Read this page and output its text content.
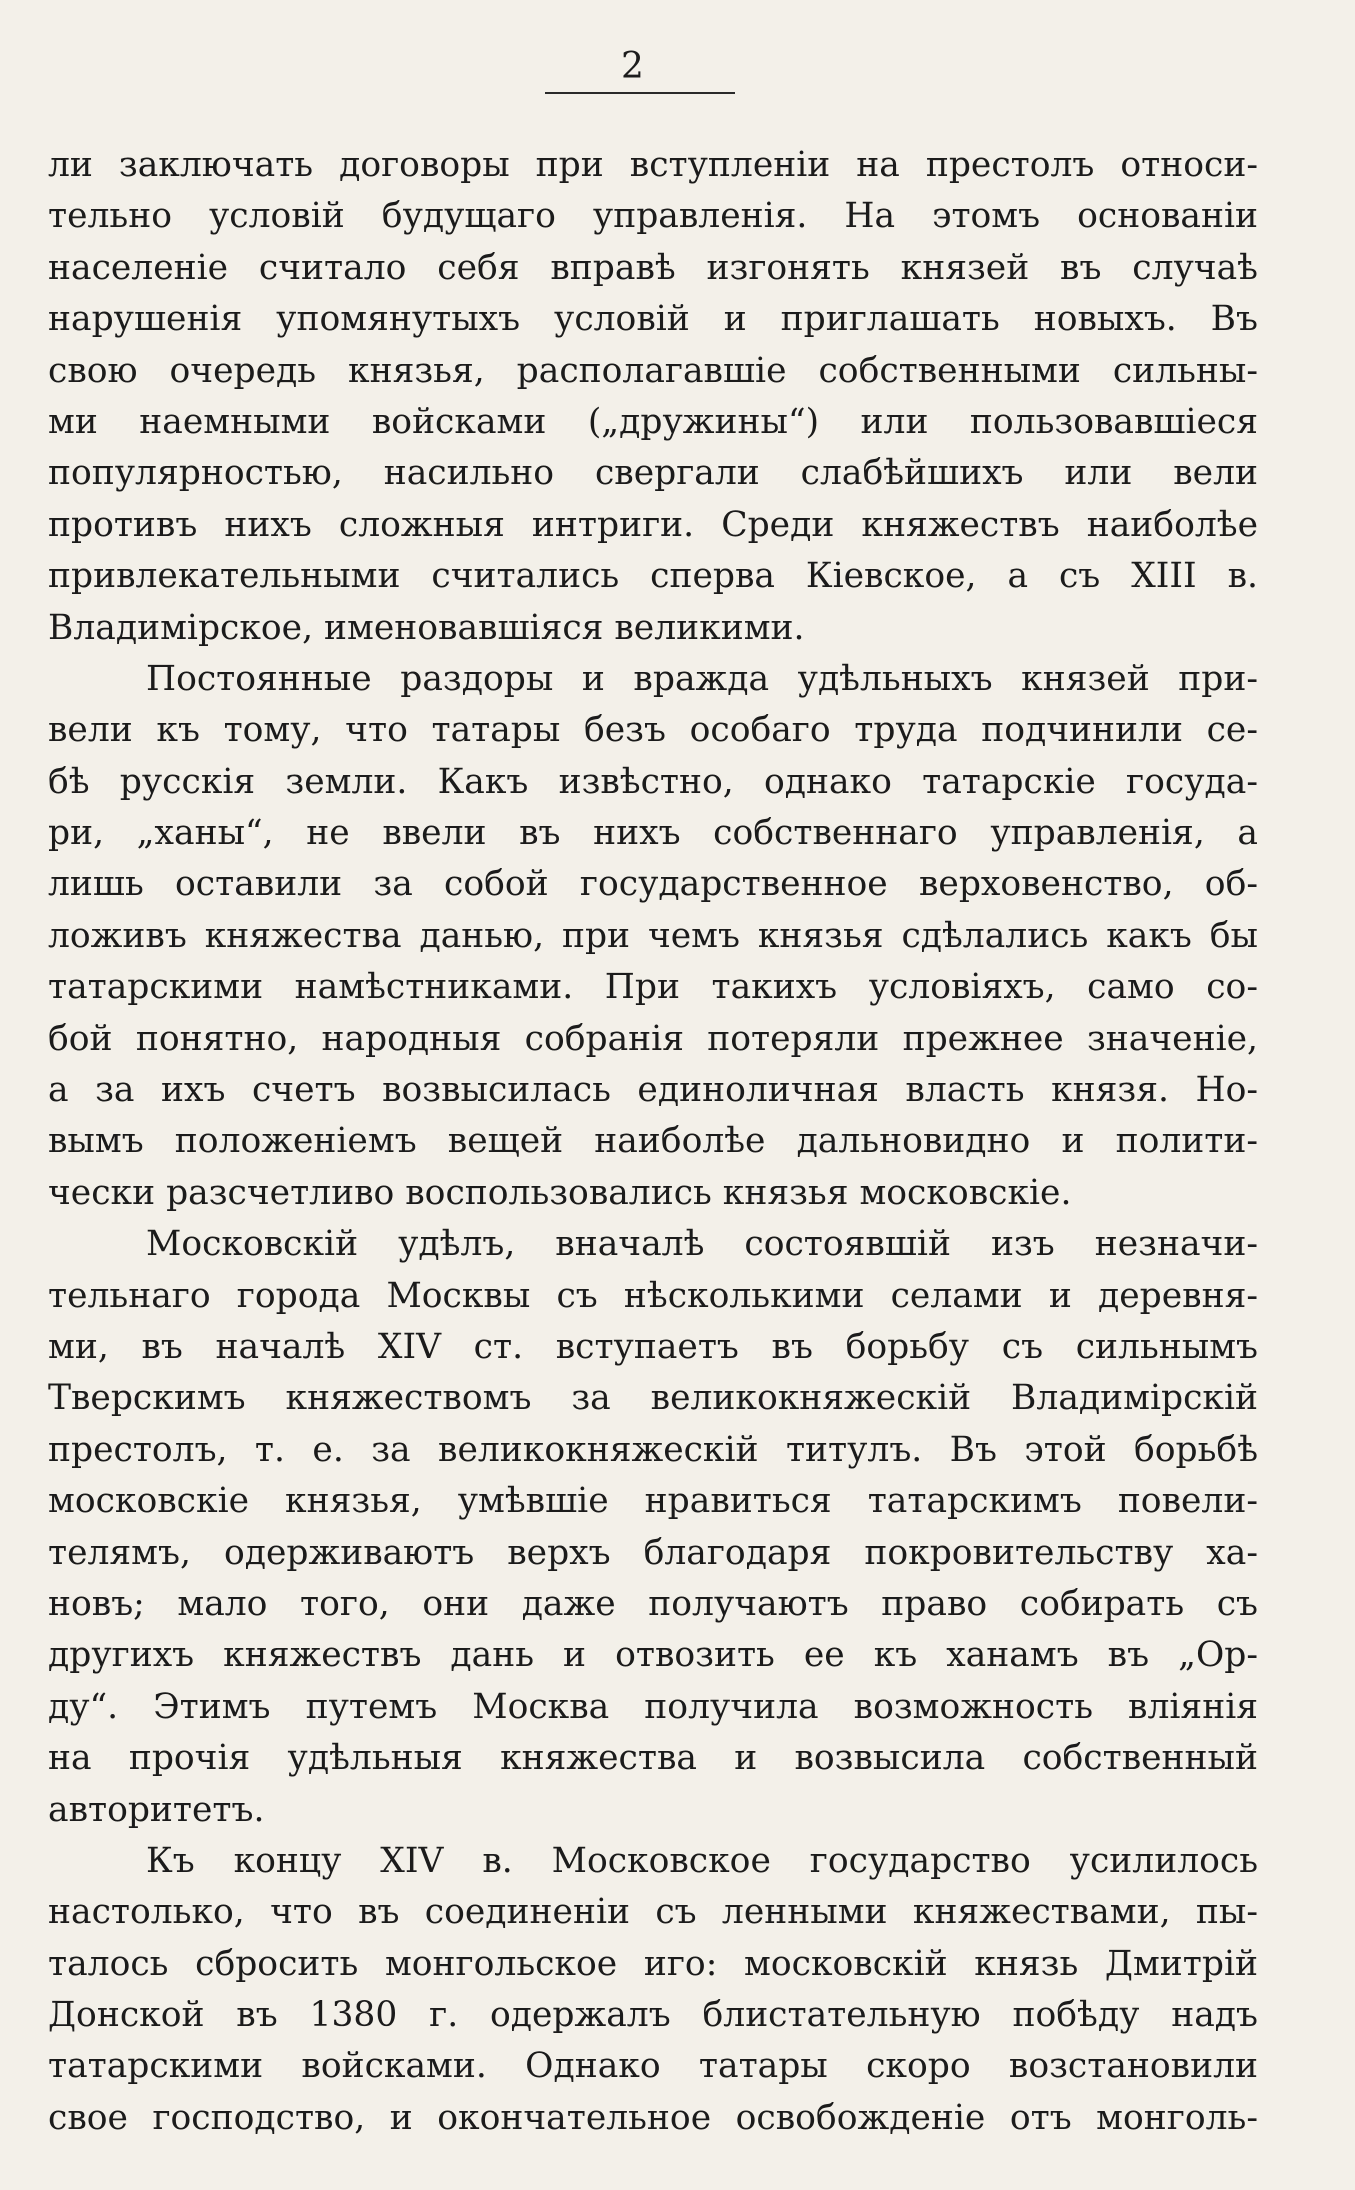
2
ли заключать договоры при вступленіи на престолъ относи-
тельно условій будущаго управленія. На этомъ основаніи
населеніе считало себя вправѣ изгонять князей въ случаѣ
нарушенія упомянутыхъ условій и приглашать новыхъ. Въ
свою очередь князья, располагавшіе собственными сильны-
ми наемными войсками („дружины“) или пользовавшіеся
популярностью, насильно свергали слабѣйшихъ или вели
противъ нихъ сложныя интриги. Среди княжествъ наиболѣе
привлекательными считались сперва Кіевское, а съ XIII в.
Владимірское, именовавшіяся великими.
Постоянные раздоры и вражда удѣльныхъ князей при-
вели къ тому, что татары безъ особаго труда подчинили се-
бѣ русскія земли. Какъ извѣстно, однако татарскіе госуда-
ри, „ханы“, не ввели въ нихъ собственнаго управленія, а
лишь оставили за собой государственное верховенство, об-
ложивъ княжества данью, при чемъ князья сдѣлались какъ бы
татарскими намѣстниками. При такихъ условіяхъ, само со-
бой понятно, народныя собранія потеряли прежнее значеніе,
а за ихъ счетъ возвысилась единоличная власть князя. Но-
вымъ положеніемъ вещей наиболѣе дальновидно и полити-
чески разсчетливо воспользовались князья московскіе.
Московскій удѣлъ, вначалѣ состоявшій изъ незначи-
тельнаго города Москвы съ нѣсколькими селами и деревня-
ми, въ началѣ XIV ст. вступаетъ въ борьбу съ сильнымъ
Тверскимъ княжествомъ за великокняжескій Владимірскій
престолъ, т. е. за великокняжескій титулъ. Въ этой борьбѣ
московскіе князья, умѣвшіе нравиться татарскимъ повели-
телямъ, одерживаютъ верхъ благодаря покровительству ха-
новъ; мало того, они даже получаютъ право собирать съ
другихъ княжествъ дань и отвозить ее къ ханамъ въ „Ор-
ду“. Этимъ путемъ Москва получила возможность вліянія
на прочія удѣльныя княжества и возвысила собственный
авторитетъ.
Къ концу XIV в. Московское государство усилилось
настолько, что въ соединеніи съ ленными княжествами, пы-
талось сбросить монгольское иго: московскій князь Дмитрій
Донской въ 1380 г. одержалъ блистательную побѣду надъ
татарскими войсками. Однако татары скоро возстановили
свое господство, и окончательное освобожденіе отъ монголь-
